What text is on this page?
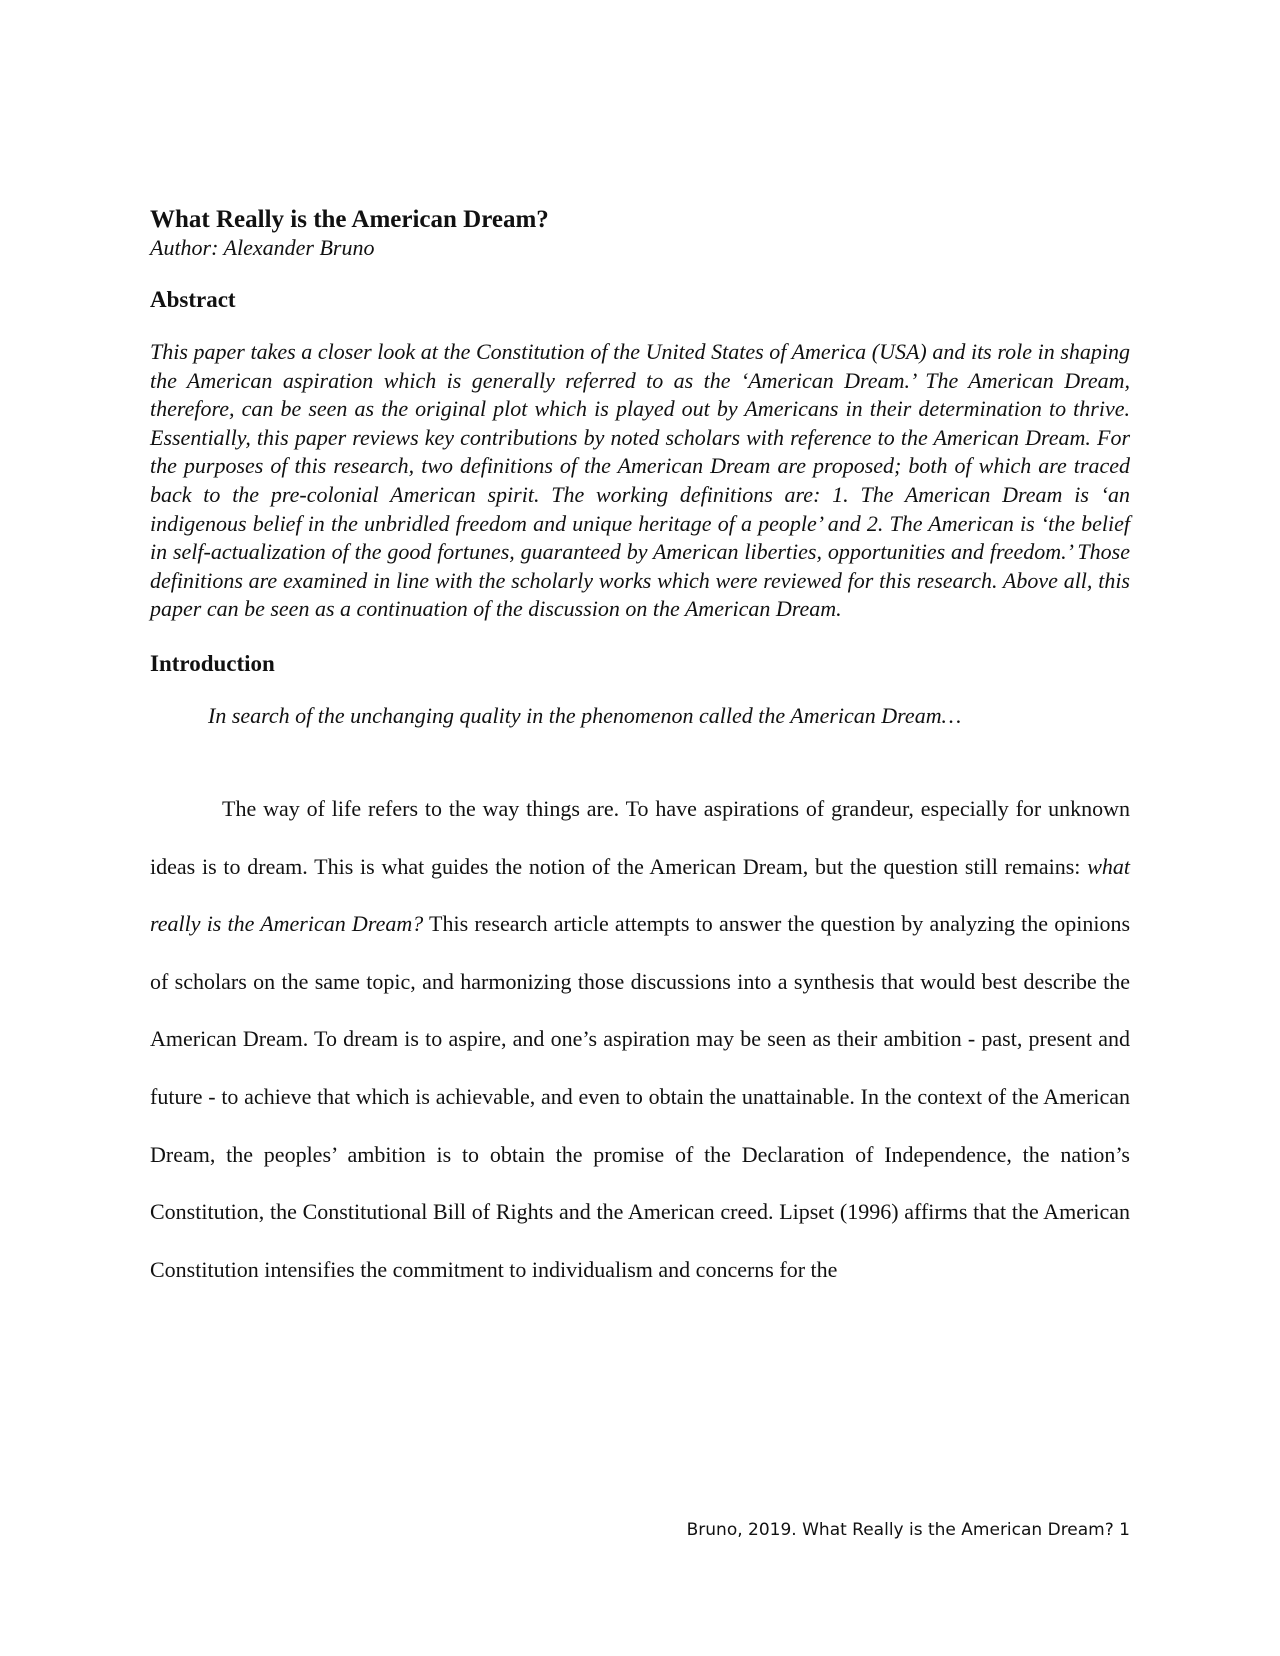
What Really is the American Dream?

Author: Alexander Bruno

Abstract

This paper takes a closer look at the Constitution of the United States of America (USA) and its role in shaping the American aspiration which is generally referred to as the ‘American Dream.’ The American Dream, therefore, can be seen as the original plot which is played out by Americans in their determination to thrive. Essentially, this paper reviews key contributions by noted scholars with reference to the American Dream. For the purposes of this research, two definitions of the American Dream are proposed; both of which are traced back to the pre-colonial American spirit. The working definitions are: 1. The American Dream is ‘an indigenous belief in the unbridled freedom and unique heritage of a people’ and 2. The American is ‘the belief in self-actualization of the good fortunes, guaranteed by American liberties, opportunities and freedom.’ Those definitions are examined in line with the scholarly works which were reviewed for this research. Above all, this paper can be seen as a continuation of the discussion on the American Dream.

Introduction

In search of the unchanging quality in the phenomenon called the American Dream…

The way of life refers to the way things are. To have aspirations of grandeur, especially for unknown ideas is to dream. This is what guides the notion of the American Dream, but the question still remains: what really is the American Dream? This research article attempts to answer the question by analyzing the opinions of scholars on the same topic, and harmonizing those discussions into a synthesis that would best describe the American Dream. To dream is to aspire, and one’s aspiration may be seen as their ambition - past, present and future - to achieve that which is achievable, and even to obtain the unattainable. In the context of the American Dream, the peoples’ ambition is to obtain the promise of the Declaration of Independence, the nation’s Constitution, the Constitutional Bill of Rights and the American creed. Lipset (1996) affirms that the American Constitution intensifies the commitment to individualism and concerns for the

Bruno, 2019. What Really is the American Dream? 1
